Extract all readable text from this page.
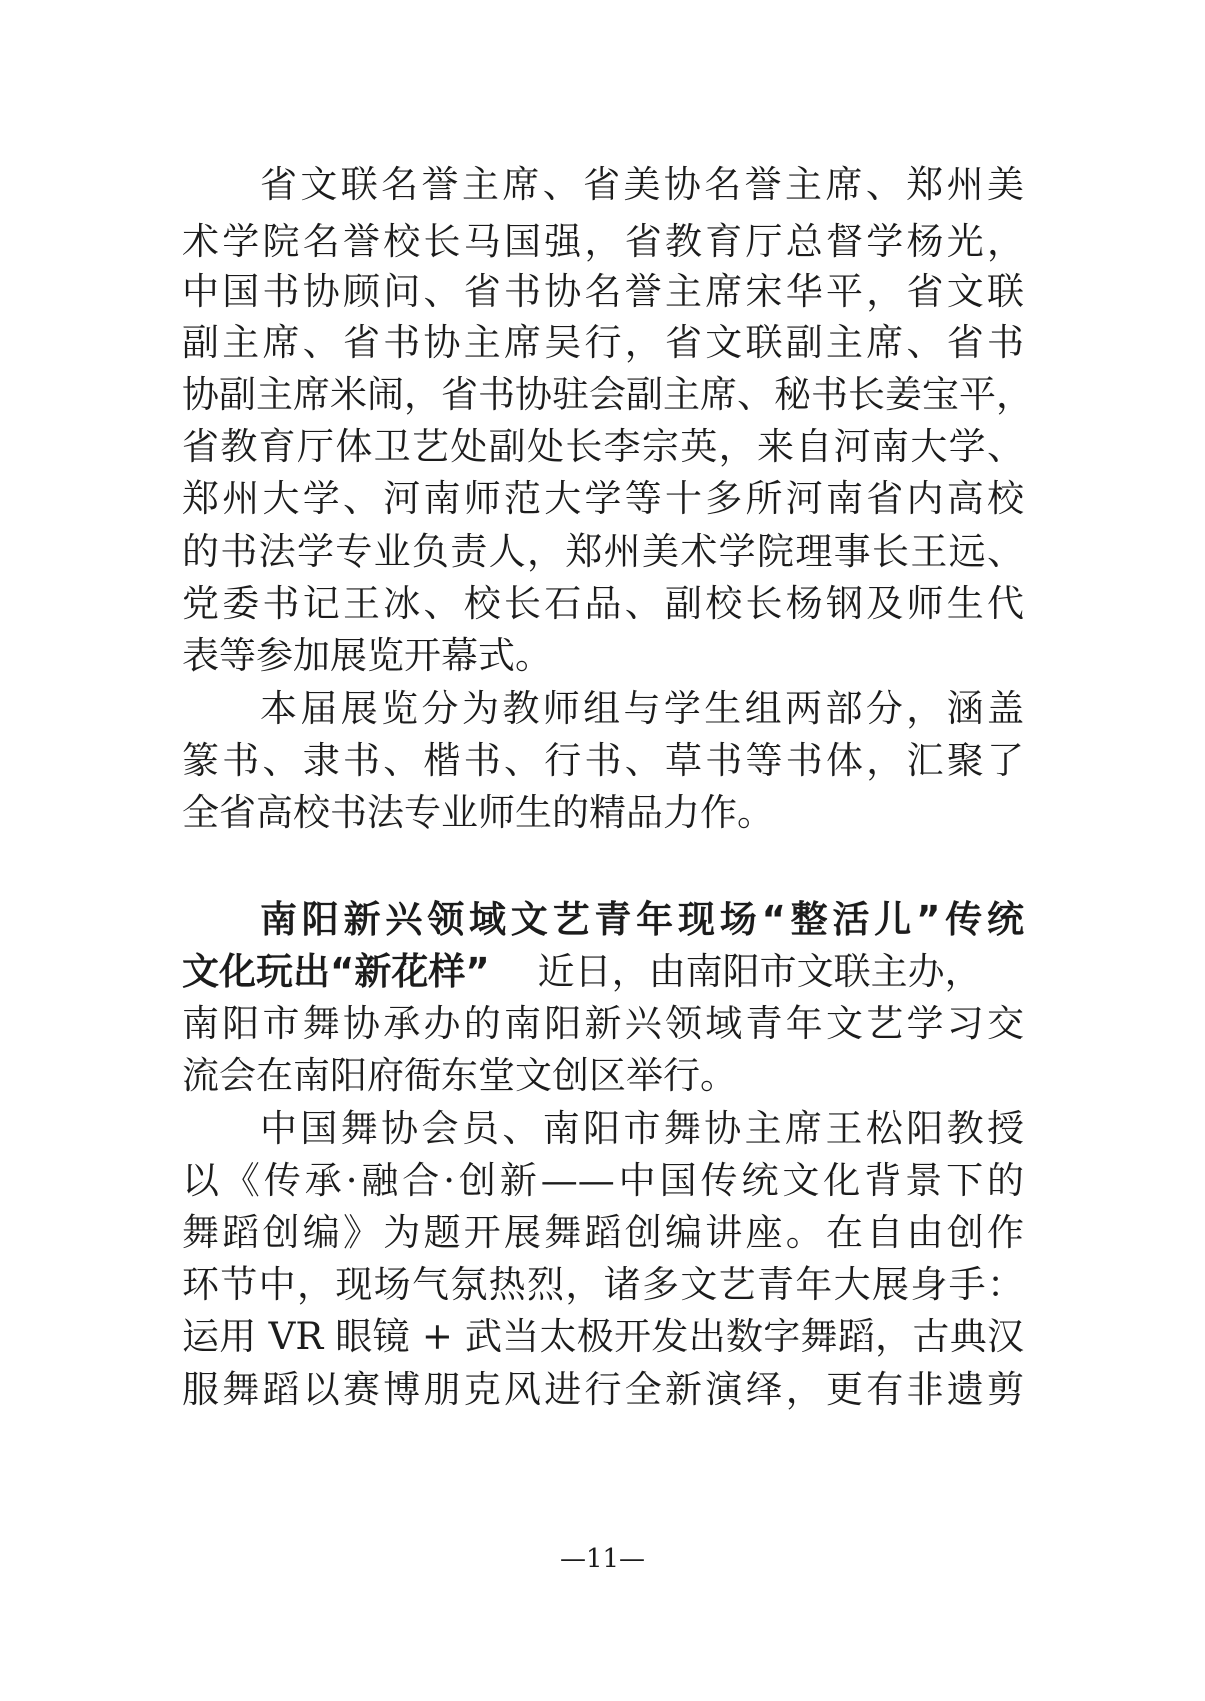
省文联名誉主席、省美协名誉主席、郑州美
术学院名誉校长马国强，省教育厅总督学杨光，
中国书协顾问、省书协名誉主席宋华平，省文联
副主席、省书协主席吴行，省文联副主席、省书
协副主席米闹，省书协驻会副主席、秘书长姜宝平，
省教育厅体卫艺处副处长李宗英，来自河南大学、
郑州大学、河南师范大学等十多所河南省内高校
的书法学专业负责人，郑州美术学院理事长王远、
党委书记王冰、校长石品、副校长杨钢及师生代
表等参加展览开幕式。
本届展览分为教师组与学生组两部分，涵盖
篆书、隶书、楷书、行书、草书等书体，汇聚了
全省高校书法专业师生的精品力作。
南阳新兴领域文艺青年现场“整活儿”传统
文化玩出“新花样” 近日，由南阳市文联主办，
南阳市舞协承办的南阳新兴领域青年文艺学习交
流会在南阳府衙东堂文创区举行。
中国舞协会员、南阳市舞协主席王松阳教授
以《传承·融合·创新——中国传统文化背景下的
舞蹈创编》为题开展舞蹈创编讲座。在自由创作
环节中，现场气氛热烈，诸多文艺青年大展身手：
运用 VR 眼镜 + 武当太极开发出数字舞蹈，古典汉
服舞蹈以赛博朋克风进行全新演绎，更有非遗剪
—11—
